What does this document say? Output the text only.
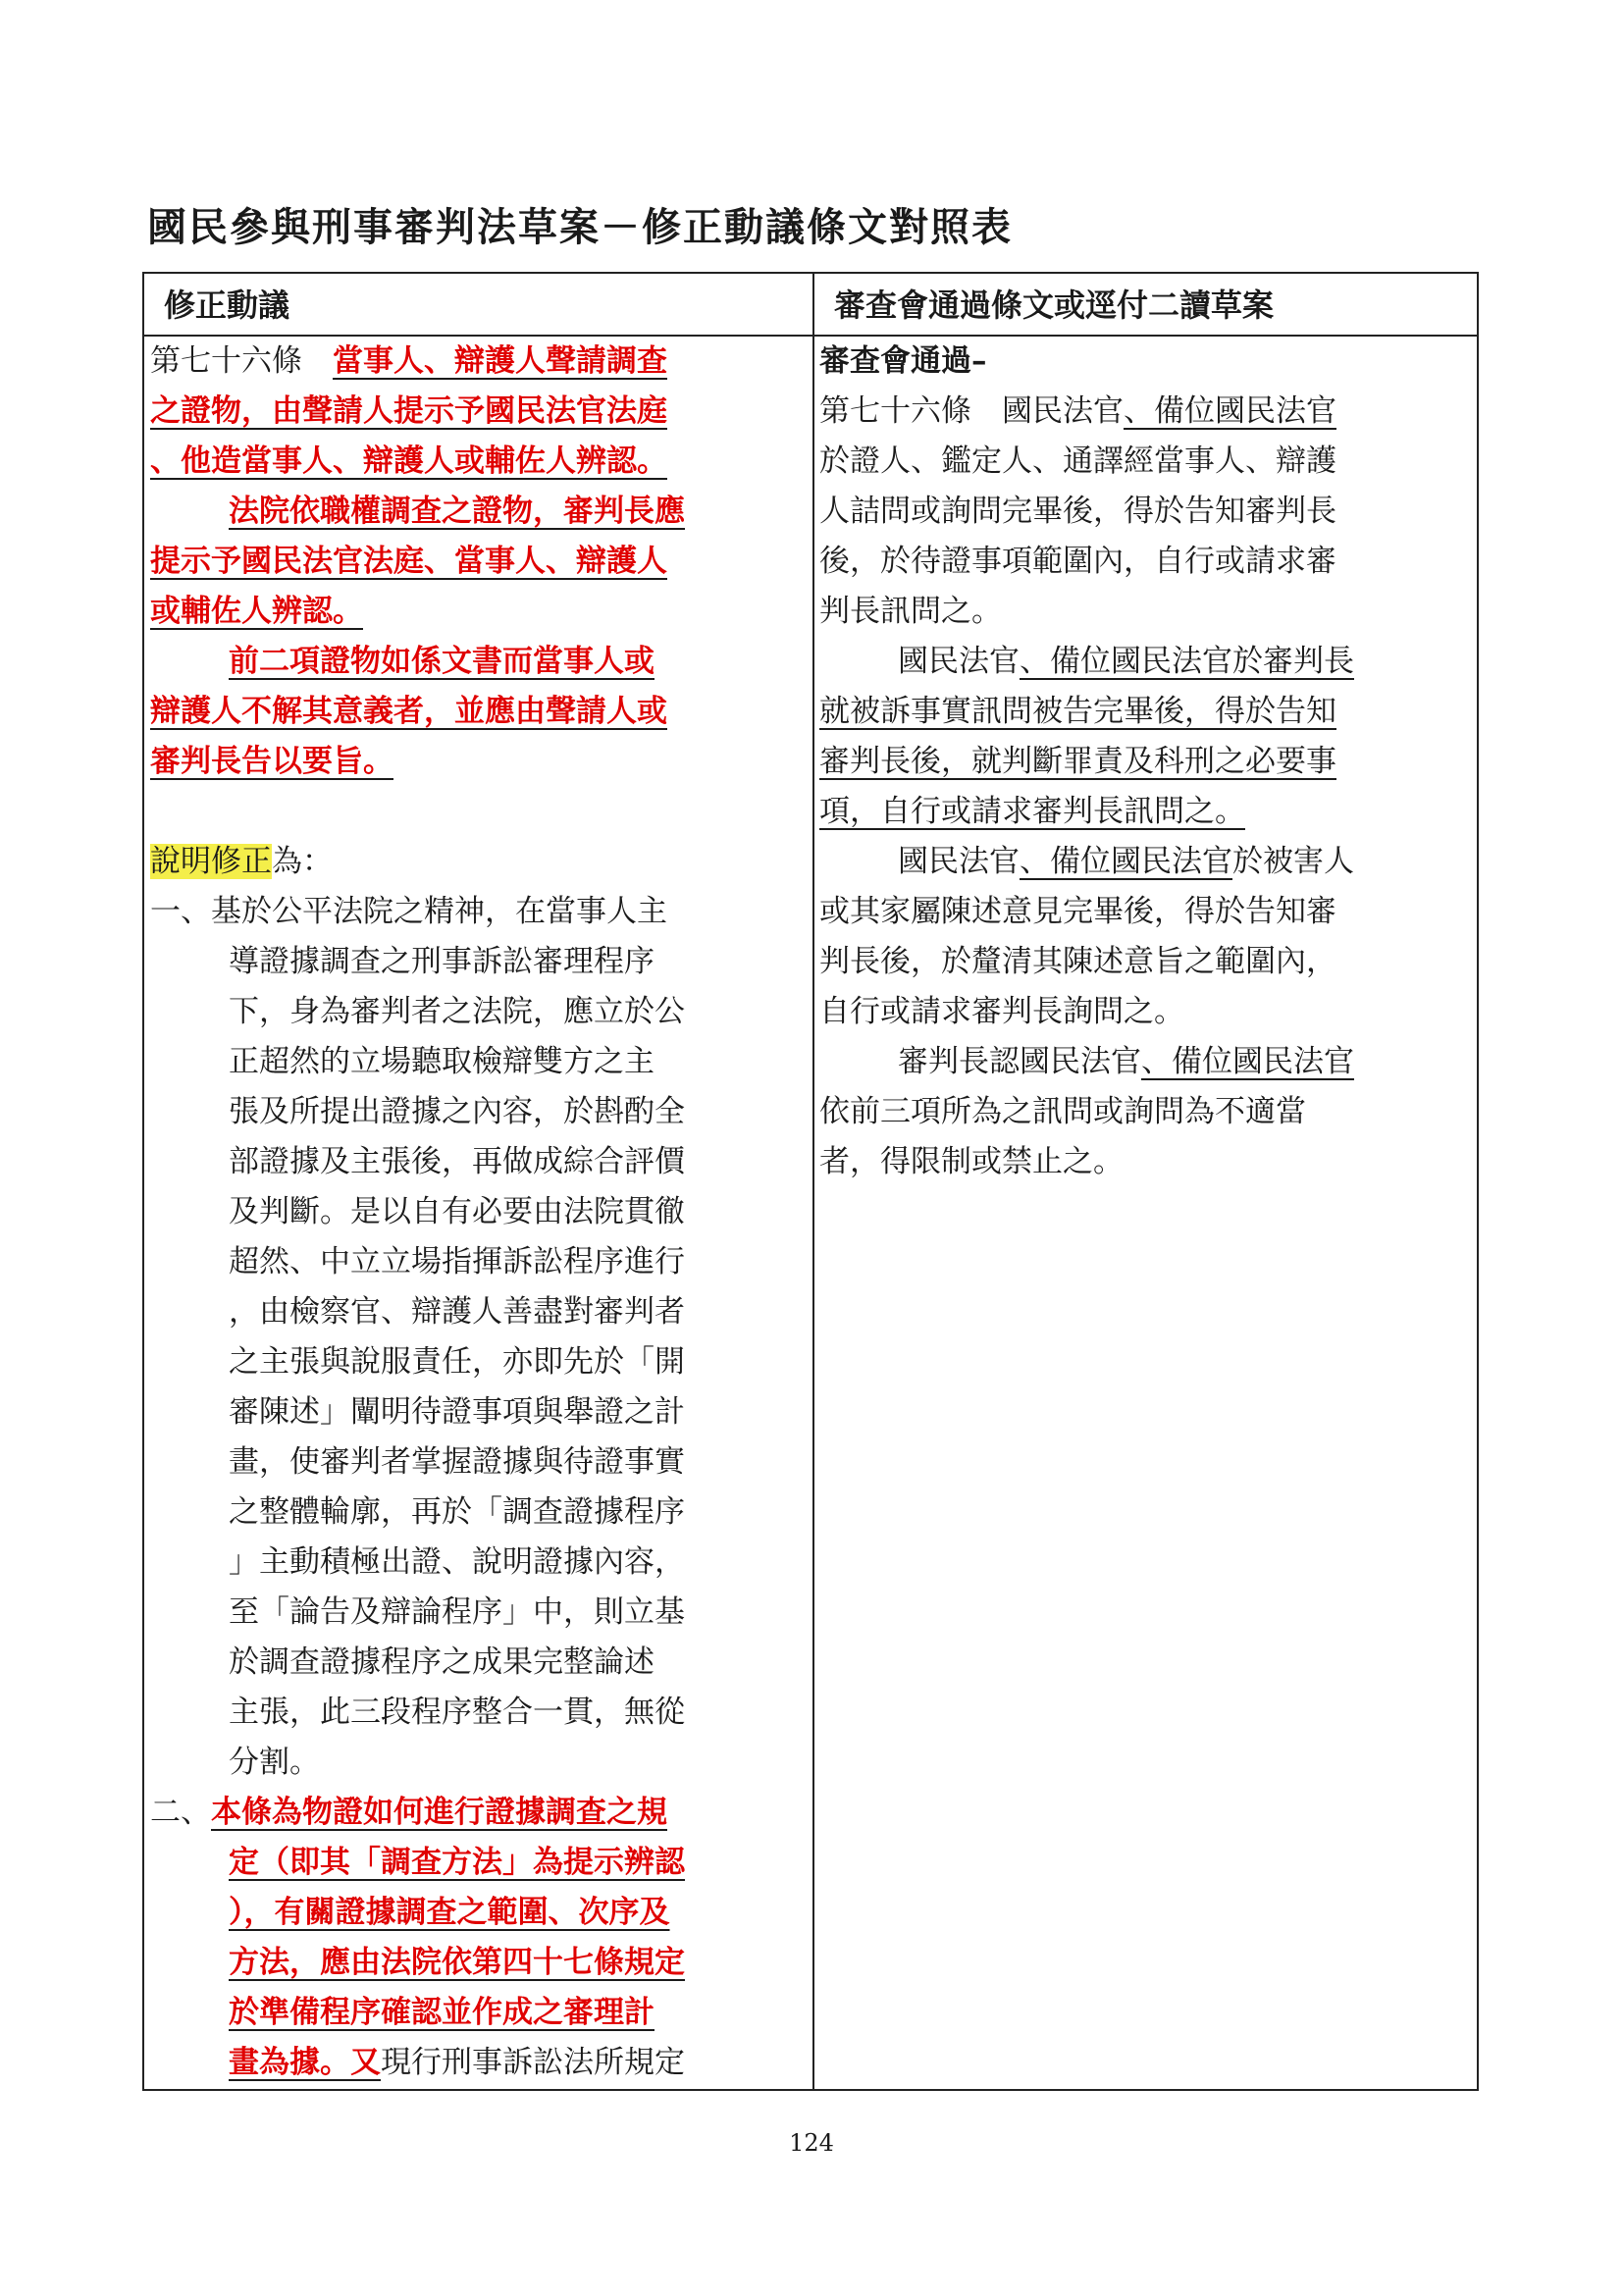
國民參與刑事審判法草案－修正動議條文對照表
修正動議	審查會通過條文或逕付二讀草案
第七十六條　當事人、辯護人聲請調查
之證物，由聲請人提示予國民法官法庭
、他造當事人、辯護人或輔佐人辨認。
法院依職權調查之證物，審判長應
提示予國民法官法庭、當事人、辯護人
或輔佐人辨認。
前二項證物如係文書而當事人或
辯護人不解其意義者，並應由聲請人或
審判長告以要旨。
說明修正為：
一、基於公平法院之精神，在當事人主
導證據調查之刑事訴訟審理程序
下，身為審判者之法院，應立於公
正超然的立場聽取檢辯雙方之主
張及所提出證據之內容，於斟酌全
部證據及主張後，再做成綜合評價
及判斷。是以自有必要由法院貫徹
超然、中立立場指揮訴訟程序進行
，由檢察官、辯護人善盡對審判者
之主張與說服責任，亦即先於「開
審陳述」闡明待證事項與舉證之計
畫，使審判者掌握證據與待證事實
之整體輪廓，再於「調查證據程序
」主動積極出證、說明證據內容，
至「論告及辯論程序」中，則立基
於調查證據程序之成果完整論述
主張，此三段程序整合一貫，無從
分割。
二、本條為物證如何進行證據調查之規
定（即其「調查方法」為提示辨認
），有關證據調查之範圍、次序及
方法，應由法院依第四十七條規定
於準備程序確認並作成之審理計
畫為據。又現行刑事訴訟法所規定
審查會通過–
第七十六條　國民法官、備位國民法官
於證人、鑑定人、通譯經當事人、辯護
人詰問或詢問完畢後，得於告知審判長
後，於待證事項範圍內，自行或請求審
判長訊問之。
國民法官、備位國民法官於審判長
就被訴事實訊問被告完畢後，得於告知
審判長後，就判斷罪責及科刑之必要事
項，自行或請求審判長訊問之。
國民法官、備位國民法官於被害人
或其家屬陳述意見完畢後，得於告知審
判長後，於釐清其陳述意旨之範圍內，
自行或請求審判長詢問之。
審判長認國民法官、備位國民法官
依前三項所為之訊問或詢問為不適當
者，得限制或禁止之。
124
